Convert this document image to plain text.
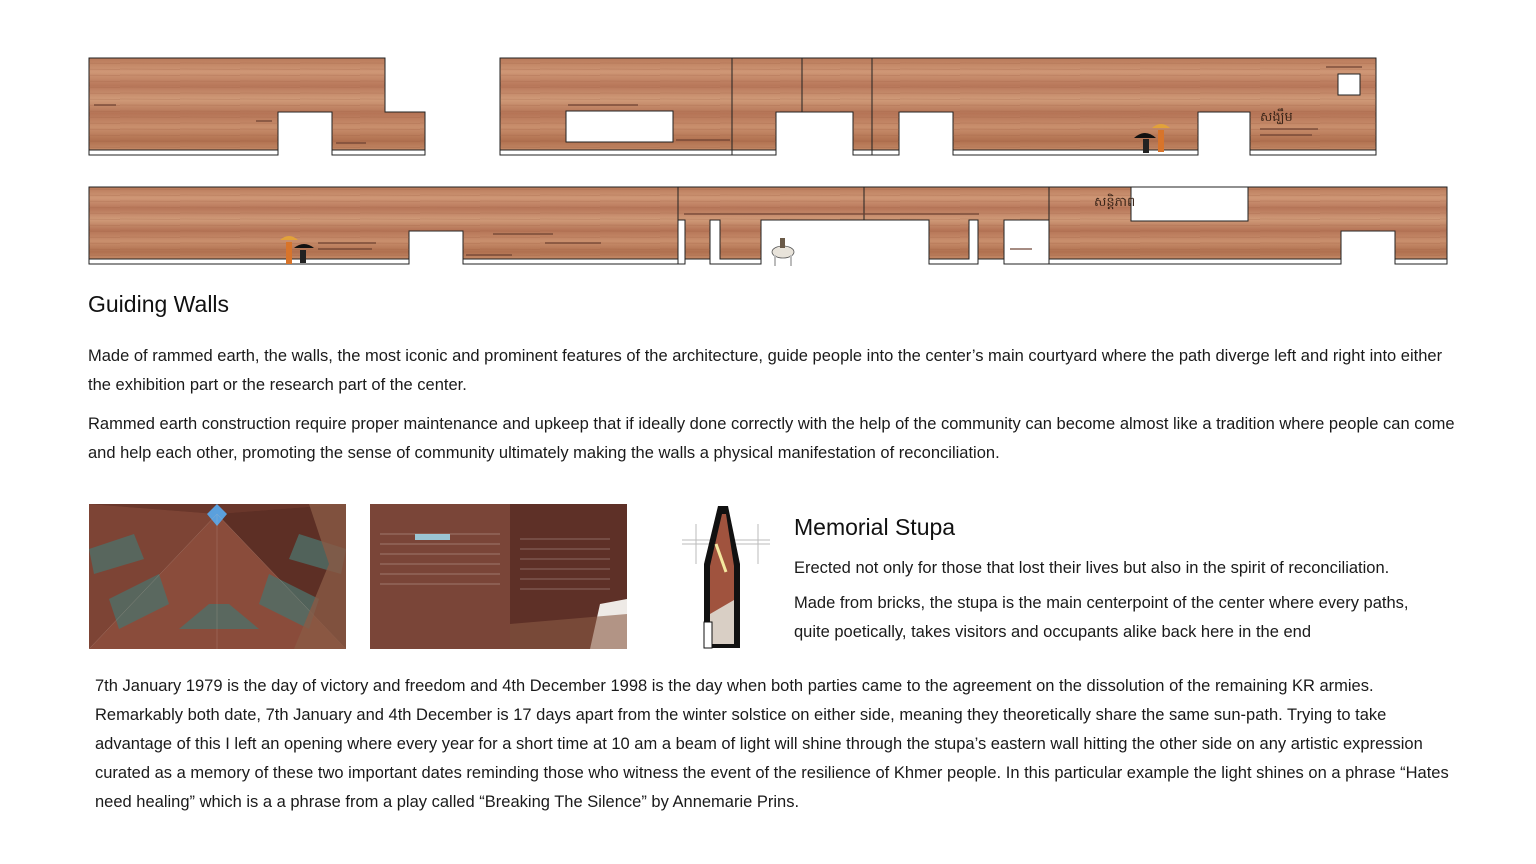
សង្ឃឹម
សន្តិភាព
Guiding Walls

Made of rammed earth, the walls, the most iconic and prominent features of the architecture, guide people into the center’s main courtyard where the path diverge left and right into either the exhibition part or the research part of the center.

Rammed earth construction require proper maintenance and upkeep that if ideally done correctly with the help of the community can become almost like a tradition where people can come and help each other, promoting the sense of community ultimately making the walls a physical manifestation of reconciliation.

Memorial Stupa

Erected not only for those that lost their lives but also in the spirit of reconciliation.

Made from bricks, the stupa is the main centerpoint of the center where every paths, quite poetically, takes visitors and occupants alike back here in the end

7th January 1979 is the day of victory and freedom and 4th December 1998 is the day when both parties came to the agreement on the dissolution of the remaining KR armies. Remarkably both date, 7th January and 4th December is 17 days apart from the winter solstice on either side, meaning they theoretically share the same sun-path. Trying to take advantage of this I left an opening where every year for a short time at 10 am a beam of light will shine through the stupa’s eastern wall hitting the other side on any artistic expression curated as a memory of these two important dates reminding those who witness the event of the resilience of Khmer people. In this particular example the light shines on a phrase “Hates need healing” which is a a phrase from a play called “Breaking The Silence” by Annemarie Prins.
